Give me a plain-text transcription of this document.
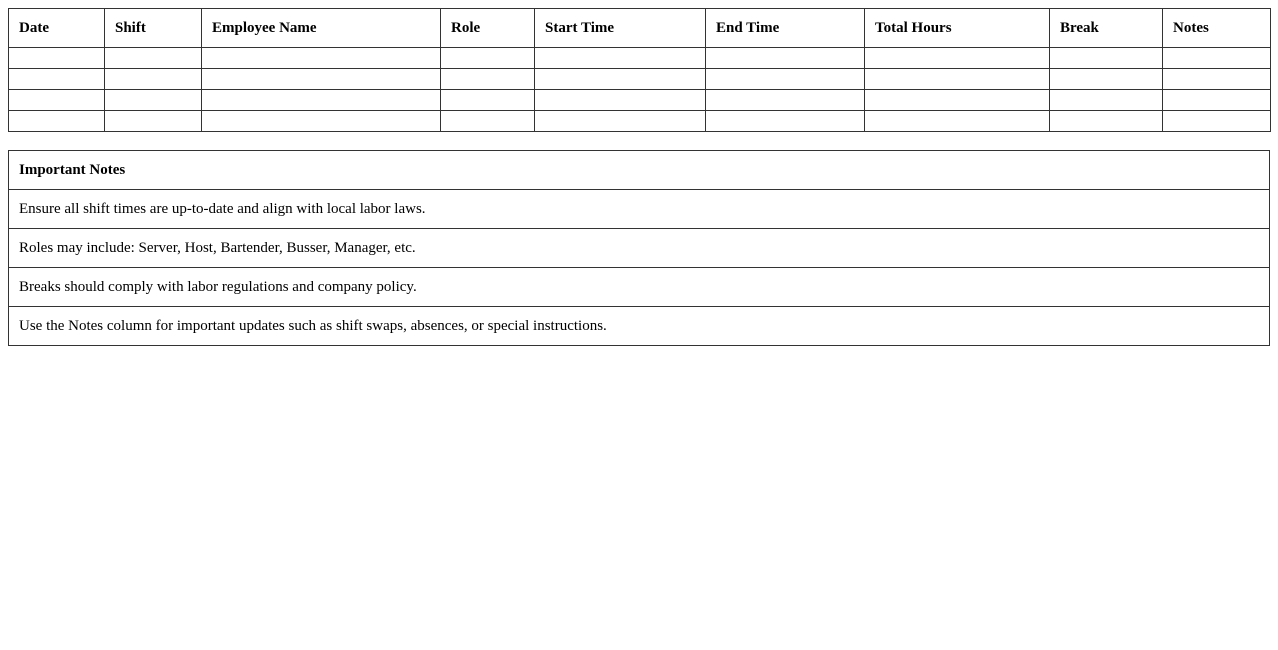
Date	Shift	Employee Name	Role	Start Time	End Time	Total Hours	Break	Notes

Important Notes
Ensure all shift times are up-to-date and align with local labor laws.
Roles may include: Server, Host, Bartender, Busser, Manager, etc.
Breaks should comply with labor regulations and company policy.
Use the Notes column for important updates such as shift swaps, absences, or special instructions.
